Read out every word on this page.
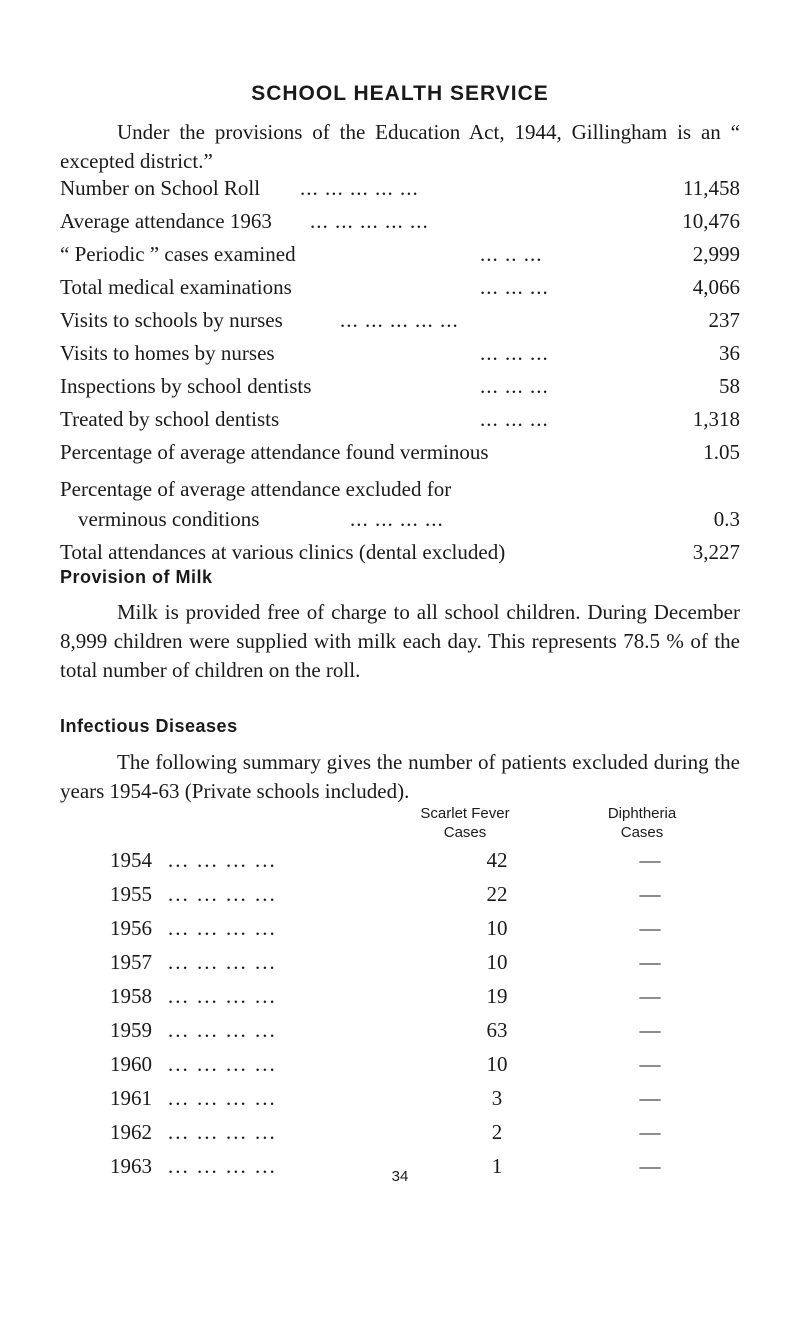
SCHOOL HEALTH SERVICE
Under the provisions of the Education Act, 1944, Gillingham is an “ excepted district.”
Number on School Roll ... ... ... ... ...	11,458
Average attendance 1963 ... ... ... ... ...	10,476
“ Periodic ” cases examined	... .. ...	2,999
Total medical examinations	... ... ...	4,066
Visits to schools by nurses	... ... ... ... ...	237
Visits to homes by nurses	... ... ...	36
Inspections by school dentists	... ... ...	58
Treated by school dentists	... ... ...	1,318
Percentage of average attendance found verminous	1.05
Percentage of average attendance excluded for
verminous conditions	... ... ... ...	0.3
Total attendances at various clinics (dental excluded)	3,227
Provision of Milk
Milk is provided free of charge to all school children. During December 8,999 children were supplied with milk each day. This represents 78.5 % of the total number of children on the roll.
Infectious Diseases
The following summary gives the number of patients excluded during the years 1954-63 (Private schools included).
Scarlet Fever
Cases
Diphtheria
Cases
1954 ... ... ... ...	42	—
1955 ... ... ... ...	22	—
1956 ... ... ... ...	10	—
1957 ... ... ... ...	10	—
1958 ... ... ... ...	19	—
1959 ... ... ... ...	63	—
1960 ... ... ... ...	10	—
1961 ... ... ... ...	3	—
1962 ... ... ... ...	2	—
1963 ... ... ... ...	1	—
34
